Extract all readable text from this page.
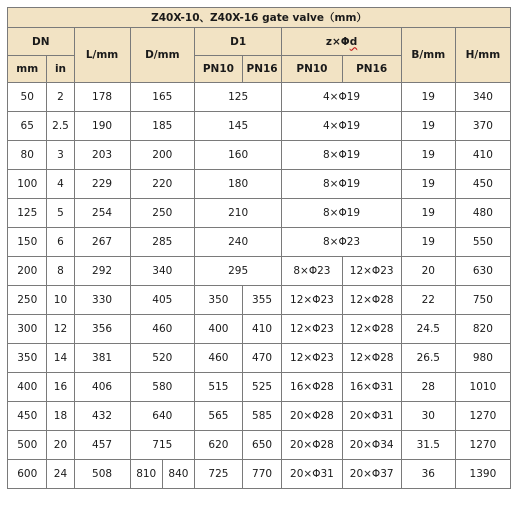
Z40X-10、Z40X-16 gate valve（mm）										
DN		L/mm	D/mm		D1		z×Φd		B/mm	H/mm
mm	in				PN10	PN16	PN10	PN16		
50	2	178	165		125		4×Φ19		19	340
65	2.5	190	185		145		4×Φ19		19	370
80	3	203	200		160		8×Φ19		19	410
100	4	229	220		180		8×Φ19		19	450
125	5	254	250		210		8×Φ19		19	480
150	6	267	285		240		8×Φ23		19	550
200	8	292	340		295		8×Φ23	12×Φ23	20	630
250	10	330	405		350	355	12×Φ23	12×Φ28	22	750
300	12	356	460		400	410	12×Φ23	12×Φ28	24.5	820
350	14	381	520		460	470	12×Φ23	12×Φ28	26.5	980
400	16	406	580		515	525	16×Φ28	16×Φ31	28	1010
450	18	432	640		565	585	20×Φ28	20×Φ31	30	1270
500	20	457	715		620	650	20×Φ28	20×Φ34	31.5	1270
600	24	508	810	840	725	770	20×Φ31	20×Φ37	36	1390
